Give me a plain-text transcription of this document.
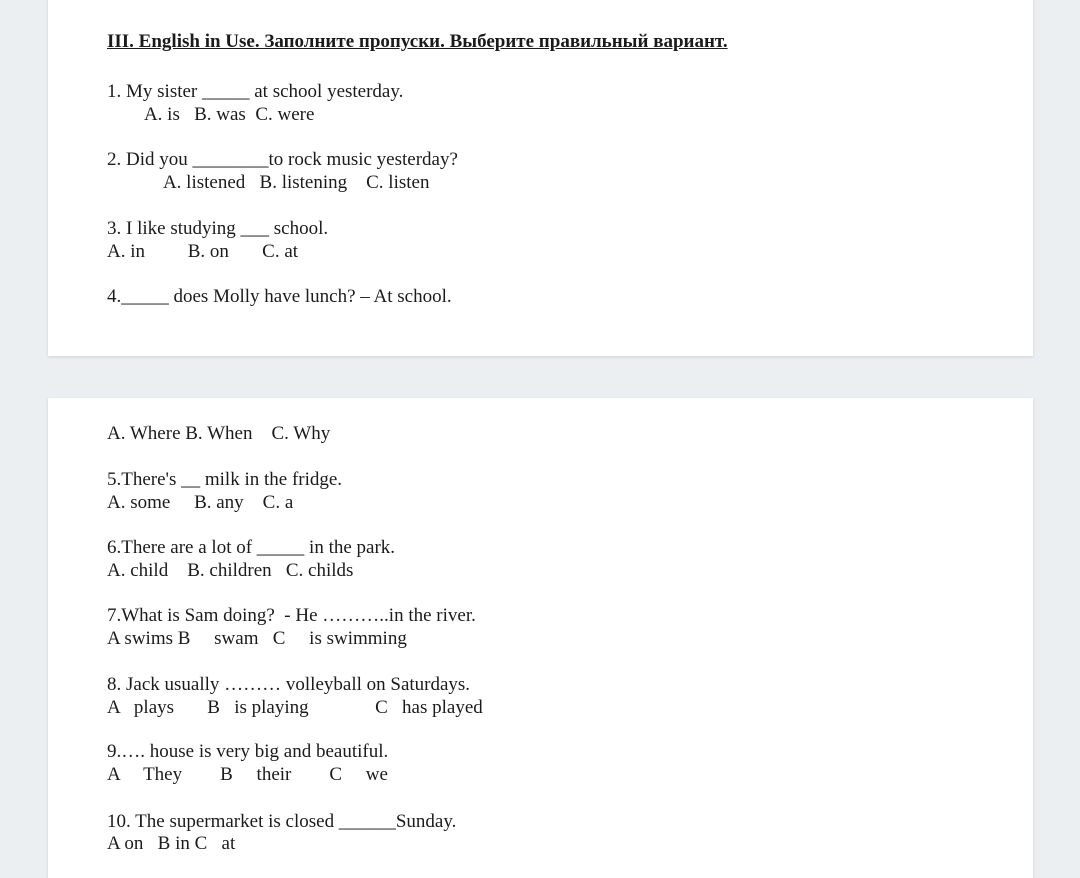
III. English in Use. Заполните пропуски. Выберите правильный вариант.
1. My sister _____ at school yesterday.
A. is   B. was  C. were
2. Did you ________to rock music yesterday?
A. listened   B. listening    C. listen
3. I like studying ___ school.
A. in         B. on       C. at
4._____ does Molly have lunch? – At school.
A. Where B. When    C. Why
5.There's __ milk in the fridge.
A. some     B. any    C. a
6.There are a lot of _____ in the park.
A. child    B. children   C. childs
7.What is Sam doing?  - He ………..in the river.
A swims B     swam   C     is swimming
8. Jack usually ……… volleyball on Saturdays.
A   plays       B   is playing              C   has played
9.…. house is very big and beautiful.
A     They        B     their        C     we
10. The supermarket is closed ______Sunday.
A on   B in C   at
